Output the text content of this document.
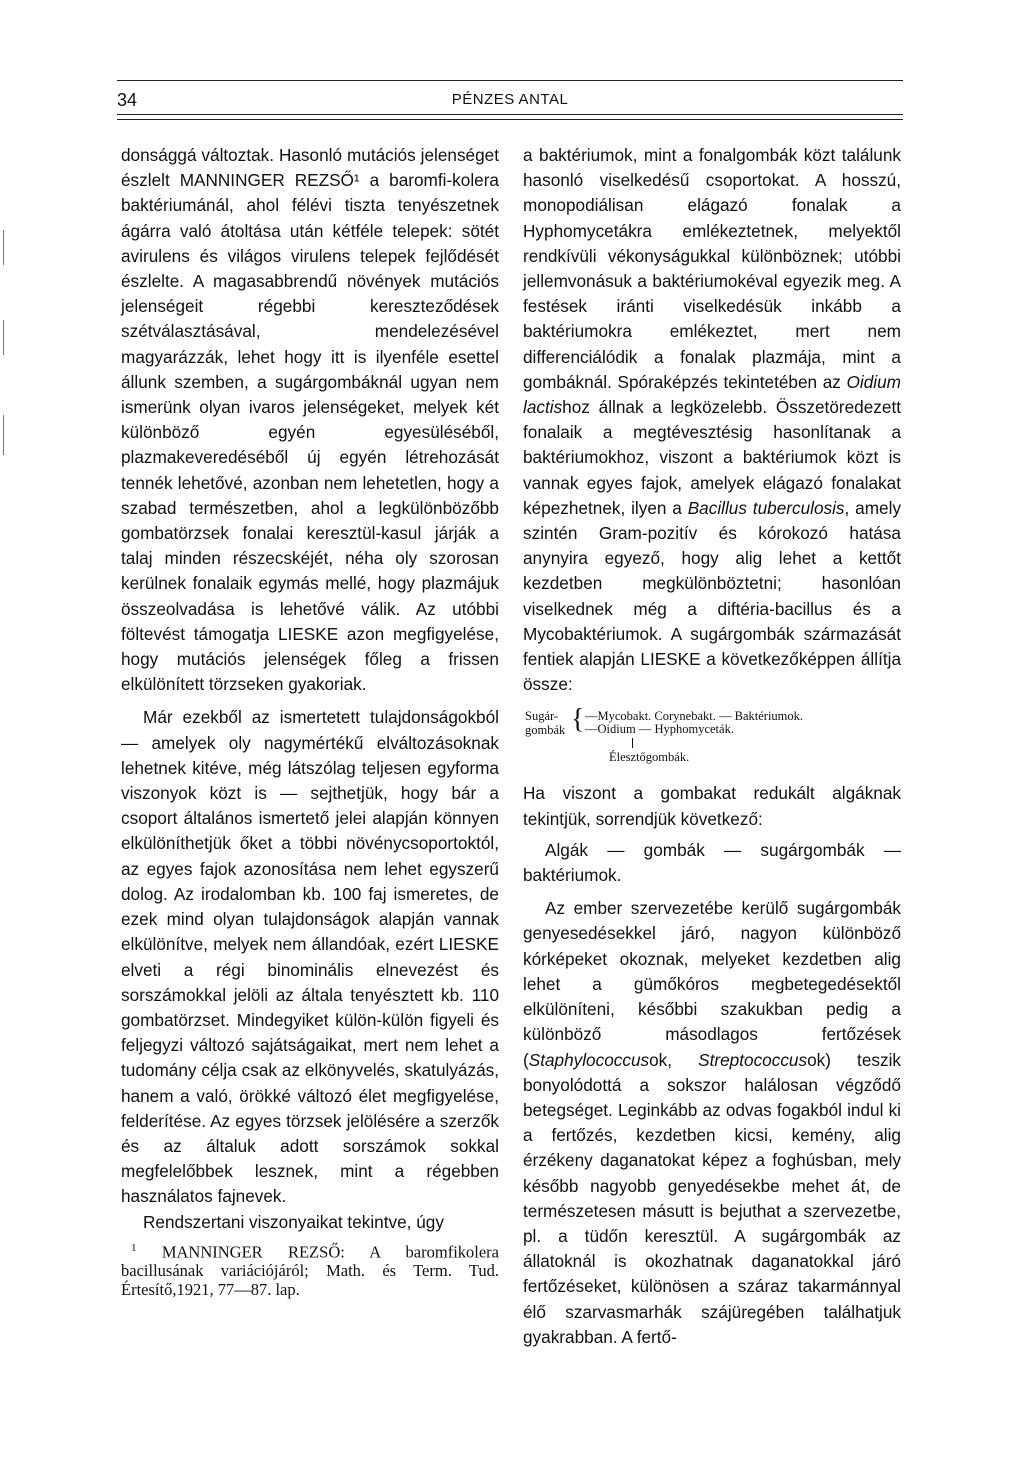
34	PÉNZES ANTAL

donsággá változtak. Hasonló mutációs jelenséget észlelt MANNINGER REZSŐ¹ a baromfi-kolera baktériumánál, ahol félévi tiszta tenyészetnek ágárra való átoltása után kétféle telepek: sötét avirulens és világos virulens telepek fejlődését észlelte. A magasabbrendű növények mutációs jelenségeit régebbi kereszteződések szétválasztásával, mendelezésével magyarázzák, lehet hogy itt is ilyenféle esettel állunk szemben, a sugárgombáknál ugyan nem ismerünk olyan ivaros jelenségeket, melyek két különböző egyén egyesüléséből, plazmakeveredéséből új egyén létrehozását tennék lehetővé, azonban nem lehetetlen, hogy a szabad természetben, ahol a legkülönbözőbb gombatörzsek fonalai keresztül-kasul járják a talaj minden részecskéjét, néha oly szorosan kerülnek fonalaik egymás mellé, hogy plazmájuk összeolvadása is lehetővé válik. Az utóbbi föltevést támogatja LIESKE azon megfigyelése, hogy mutációs jelenségek főleg a frissen elkülönített törzseken gyakoriak.

Már ezekből az ismertetett tulajdonságokból — amelyek oly nagymértékű elváltozásoknak lehetnek kitéve, még látszólag teljesen egyforma viszonyok közt is — sejthetjük, hogy bár a csoport általános ismertető jelei alapján könnyen elkülöníthetjük őket a többi növénycsoportoktól, az egyes fajok azonosítása nem lehet egyszerű dolog. Az irodalomban kb. 100 faj ismeretes, de ezek mind olyan tulajdonságok alapján vannak elkülönítve, melyek nem állandóak, ezért LIESKE elveti a régi binominális elnevezést és sorszámokkal jelöli az általa tenyésztett kb. 110 gombatörzset. Mindegyiket külön-külön figyeli és feljegyzi változó sajátságaikat, mert nem lehet a tudomány célja csak az elkönyvelés, skatulyázás, hanem a való, örökké változó élet megfigyelése, felderítése. Az egyes törzsek jelölésére a szerzők és az általuk adott sorszámok sokkal megfelelőbbek lesznek, mint a régebben használatos fajnevek.

Rendszertani viszonyaikat tekintve, úgy

$^1$ MANNINGER REZSŐ: A baromfikolera bacillusának variációjáról; Math. és Term. Tud. Értesítő,1921, 77—87. lap.

a baktériumok, mint a fonalgombák közt találunk hasonló viselkedésű csoportokat. A hosszú, monopodiálisan elágazó fonalak a Hyphomycetákra emlékeztetnek, melyektől rendkívüli vékonyságukkal különböznek; utóbbi jellemvonásuk a baktériumokéval egyezik meg. A festések iránti viselkedésük inkább a baktériumokra emlékeztet, mert nem differenciálódik a fonalak plazmája, mint a gombáknál. Spóraképzés tekintetében az Oidium lactishoz állnak a legközelebb. Összetöredezett fonalaik a megtévesztésig hasonlítanak a baktériumokhoz, viszont a baktériumok közt is vannak egyes fajok, amelyek elágazó fonalakat képezhetnek, ilyen a Bacillus tuberculosis, amely szintén Gram-pozitív és kórokozó hatása anynyira egyező, hogy alig lehet a kettőt kezdetben megkülönböztetni; hasonlóan viselkednek még a diftéria-bacillus és a Mycobaktériumok. A sugárgombák származását fentiek alapján LIESKE a következőképpen állítja össze:

Sugár-
gombák { —Mycobakt. Corynebakt. — Baktériumok.
—Oidium — Hyphomyceták.
Élesztőgombák.

Ha viszont a gombakat redukált algáknak tekintjük, sorrendjük következő:

Algák — gombák — sugárgombák — baktériumok.

Az ember szervezetébe kerülő sugárgombák genyesedésekkel járó, nagyon különböző kórképeket okoznak, melyeket kezdetben alig lehet a gümőkóros megbetegedésektől elkülöníteni, későbbi szakukban pedig a különböző másodlagos fertőzések (Staphylococcusok, Streptococcusok) teszik bonyolódottá a sokszor halálosan végződő betegséget. Leginkább az odvas fogakból indul ki a fertőzés, kezdetben kicsi, kemény, alig érzékeny daganatokat képez a foghúsban, mely később nagyobb genyedésekbe mehet át, de természetesen másutt is bejuthat a szervezetbe, pl. a tüdőn keresztül. A sugárgombák az állatoknál is okozhatnak daganatokkal járó fertőzéseket, különösen a száraz takarmánnyal élő szarvasmarhák szájüregében találhatjuk gyakrabban. A fertő-
